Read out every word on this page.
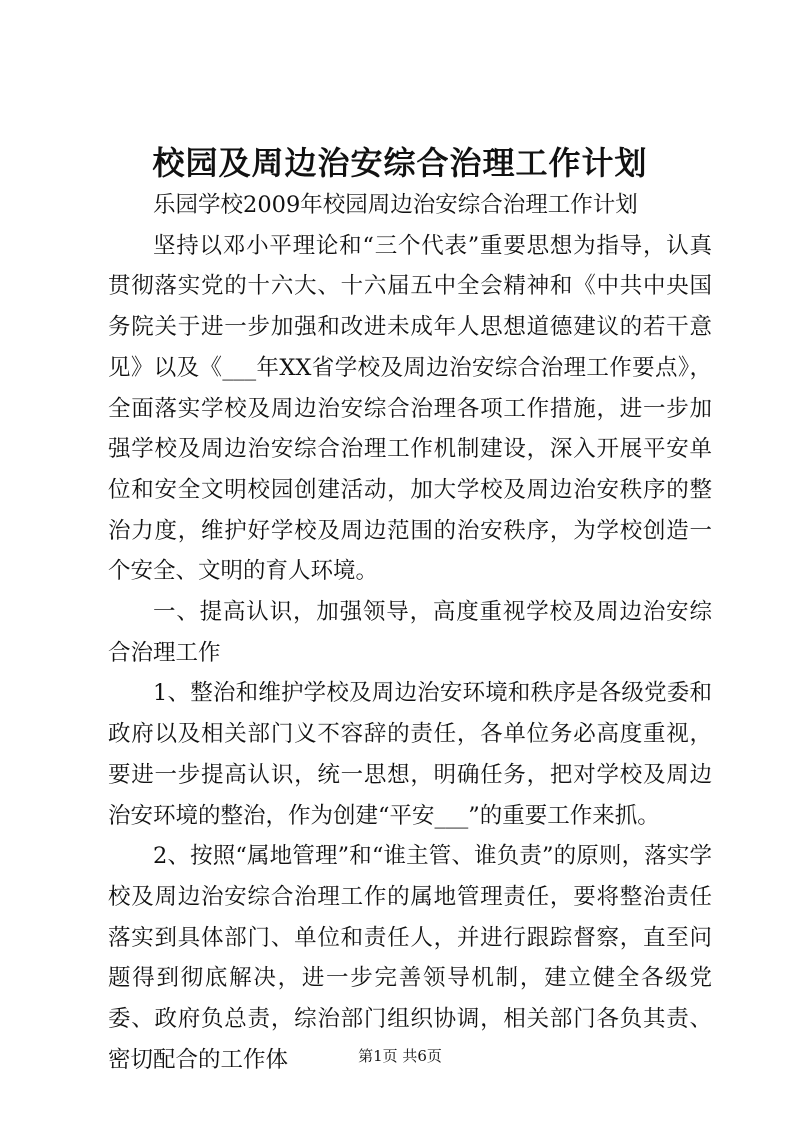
校园及周边治安综合治理工作计划

乐园学校2009年校园周边治安综合治理工作计划

坚持以邓小平理论和“三个代表”重要思想为指导，认真贯彻落实党的十六大、十六届五中全会精神和《中共中央国务院关于进一步加强和改进未成年人思想道德建议的若干意见》以及《___年XX省学校及周边治安综合治理工作要点》，全面落实学校及周边治安综合治理各项工作措施，进一步加强学校及周边治安综合治理工作机制建设，深入开展平安单位和安全文明校园创建活动，加大学校及周边治安秩序的整治力度，维护好学校及周边范围的治安秩序，为学校创造一个安全、文明的育人环境。

一、提高认识，加强领导，高度重视学校及周边治安综合治理工作

1、整治和维护学校及周边治安环境和秩序是各级党委和政府以及相关部门义不容辞的责任，各单位务必高度重视，要进一步提高认识，统一思想，明确任务，把对学校及周边治安环境的整治，作为创建“平安___”的重要工作来抓。

2、按照“属地管理”和“谁主管、谁负责”的原则，落实学校及周边治安综合治理工作的属地管理责任，要将整治责任落实到具体部门、单位和责任人，并进行跟踪督察，直至问题得到彻底解决，进一步完善领导机制，建立健全各级党委、政府负总责，综治部门组织协调，相关部门各负其责、密切配合的工作体	第1页 共6页
